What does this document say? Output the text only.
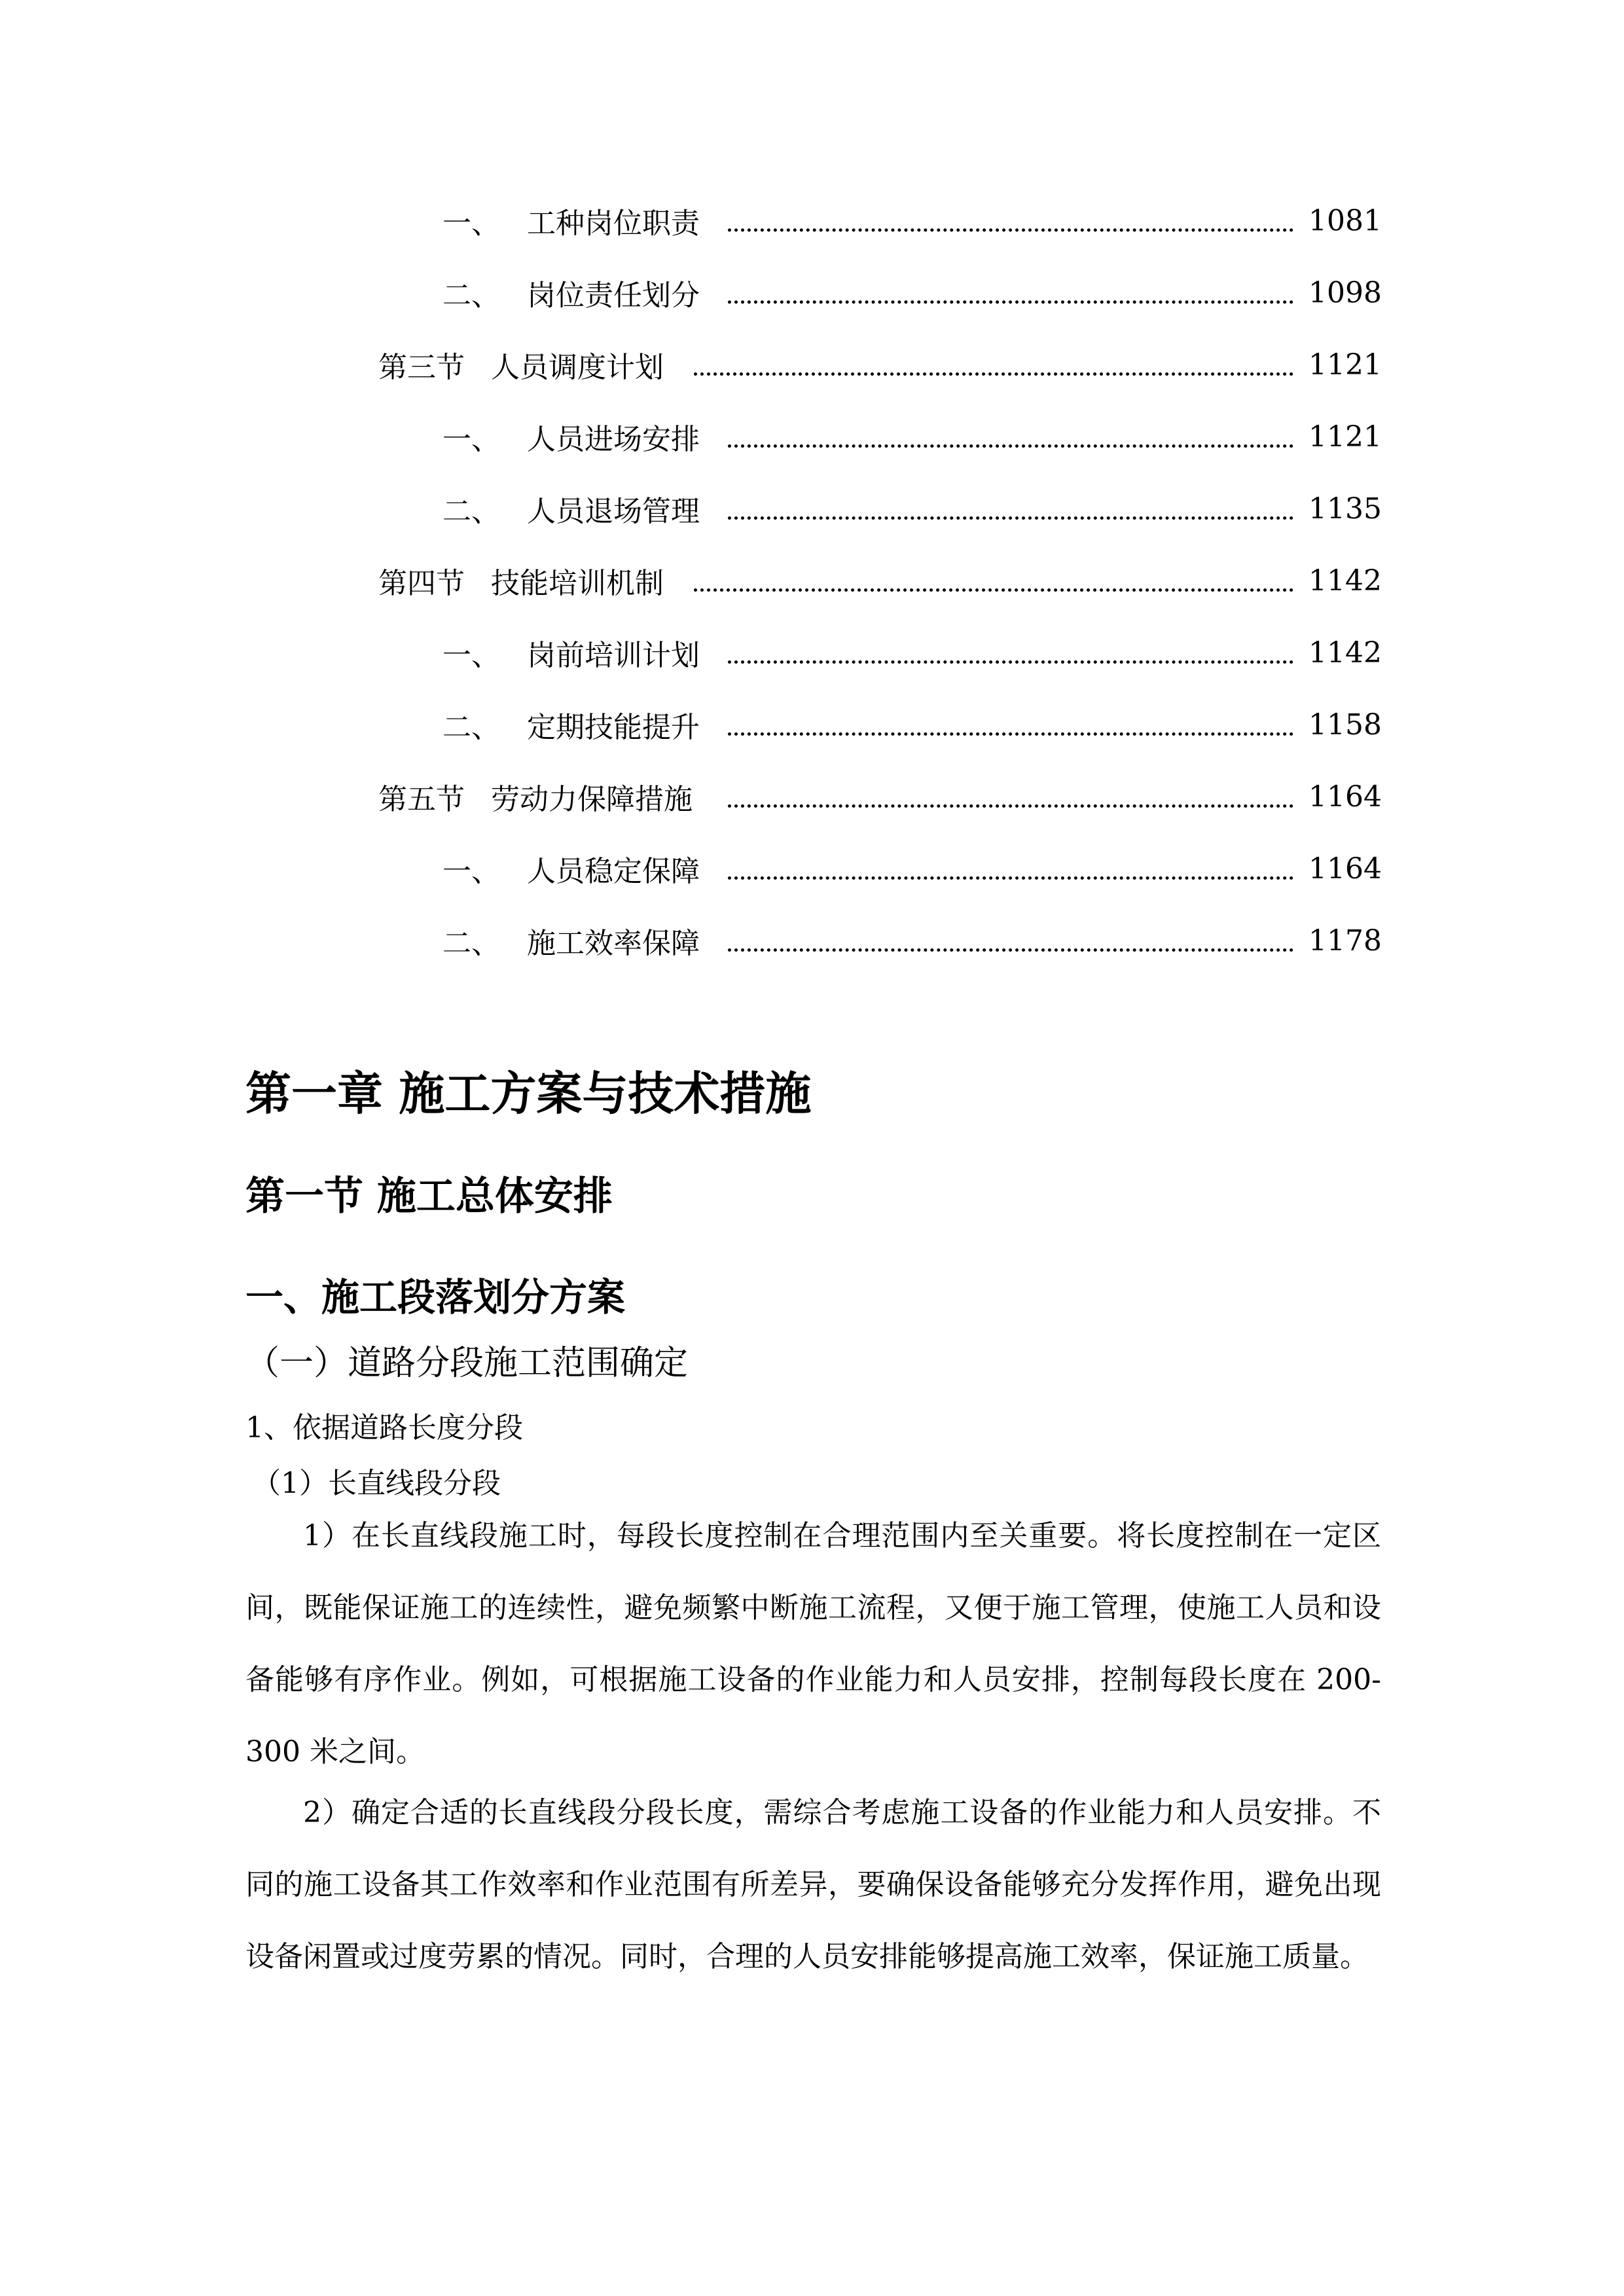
一、 工种岗位职责	1081
二、 岗位责任划分	1098
第三节 人员调度计划	1121
一、 人员进场安排	1121
二、 人员退场管理	1135
第四节 技能培训机制	1142
一、 岗前培训计划	1142
二、 定期技能提升	1158
第五节 劳动力保障措施	1164
一、 人员稳定保障	1164
二、 施工效率保障	1178
第一章 施工方案与技术措施
第一节 施工总体安排
一、施工段落划分方案
（一）道路分段施工范围确定
1、依据道路长度分段
（1）长直线段分段

1）在长直线段施工时，每段长度控制在合理范围内至关重要。将长度控制在一定区间，既能保证施工的连续性，避免频繁中断施工流程，又便于施工管理，使施工人员和设备能够有序作业。例如，可根据施工设备的作业能力和人员安排，控制每段长度在 200-300 米之间。

2）确定合适的长直线段分段长度，需综合考虑施工设备的作业能力和人员安排。不同的施工设备其工作效率和作业范围有所差异，要确保设备能够充分发挥作用，避免出现设备闲置或过度劳累的情况。同时，合理的人员安排能够提高施工效率，保证施工质量。
